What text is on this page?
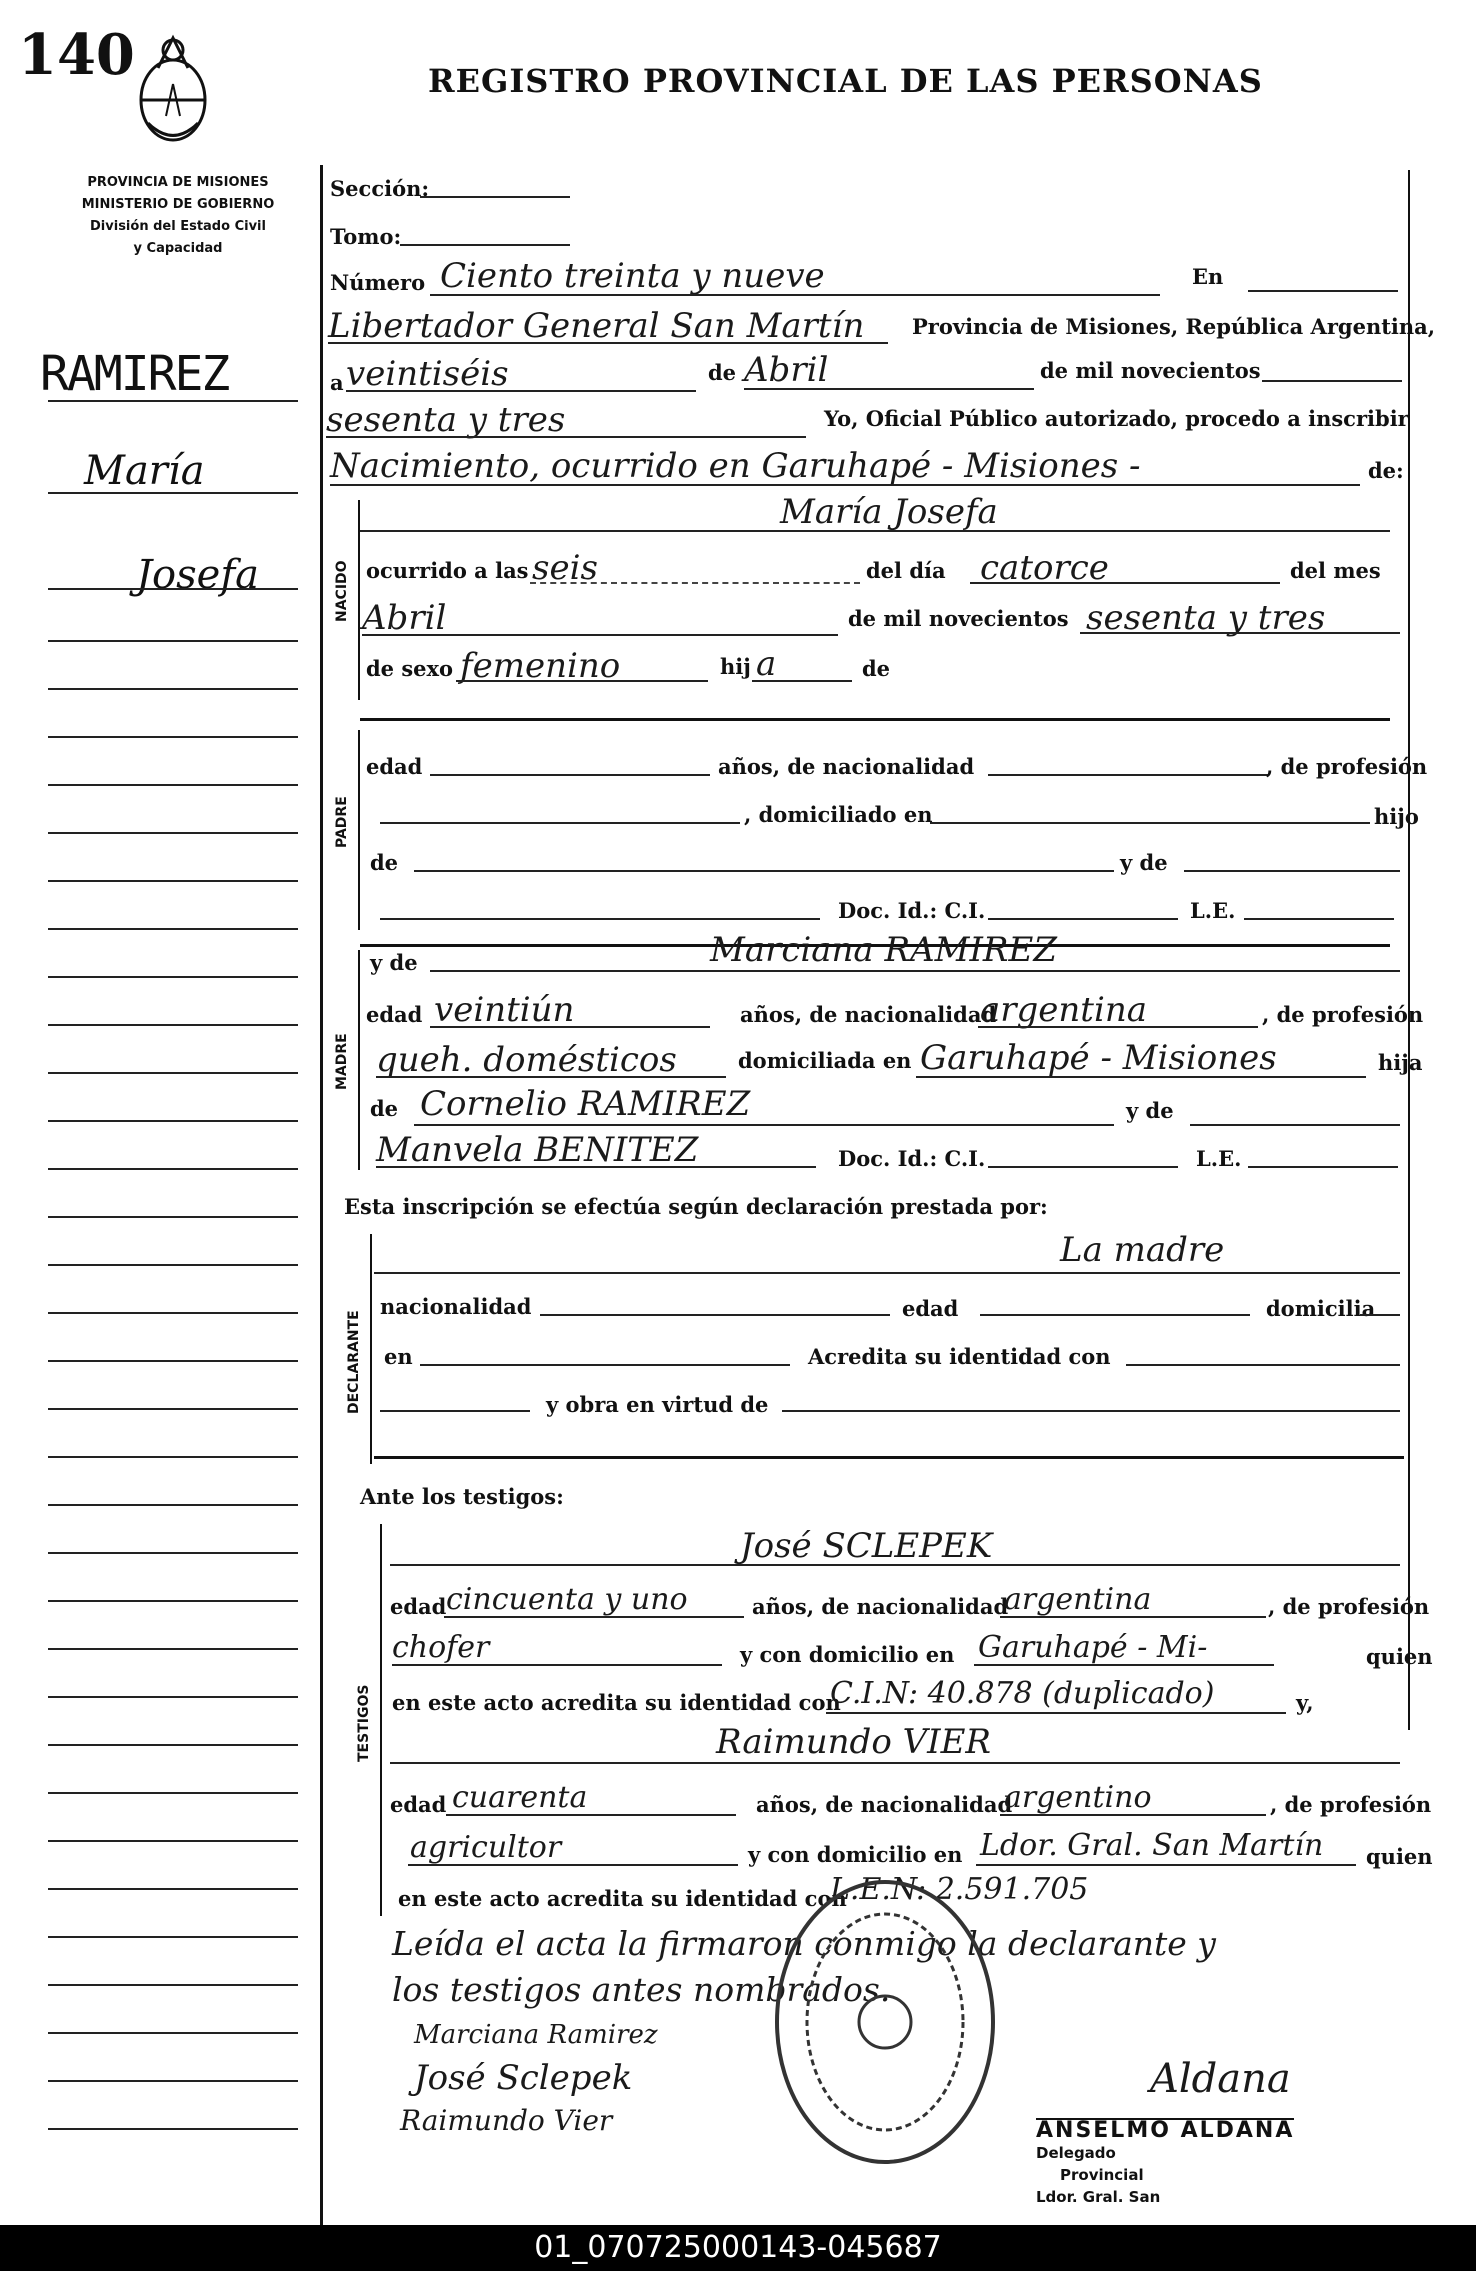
140	REGISTRO PROVINCIAL DE LAS PERSONAS
PROVINCIA DE MISIONES
MINISTERIO DE GOBIERNO
División del Estado Civil
y Capacidad
RAMIREZ
María
Josefa
Sección:
Tomo:
Número Ciento treinta y nueve	En
Libertador General San Martín Provincia de Misiones, República Argentina,
a veintiséis	de Abril	de mil novecientos
sesenta y tres	Yo, Oficial Público autorizado, procedo a inscribir
Nacimiento, ocurrido en Garuhapé - Misiones -	de:
NACIDO
María Josefa
ocurrido a las seis	del día catorce	del mes
Abril	de mil novecientos sesenta y tres
de sexo femenino	hij a	de
PADRE
edad	años, de nacionalidad	, de profesión
, domiciliado en	hijo
de	y de
Doc. Id.: C.I.	L.E.
MADRE
y de	Marciana RAMIREZ
edad veintiún	años, de nacionalidad
argentina	, de profesión
queh. domésticos	domiciliada en Garuhapé - Misiones	hija
de Cornelio RAMIREZ	y de
Manvela BENITEZ	Doc. Id.: C.I.	L.E.
Esta inscripción se efectúa según declaración prestada por:
DECLARANTE
La madre
nacionalidad	edad	domicilia
en	Acredita su identidad con
y obra en virtud de
Ante los testigos:
TESTIGOS
José SCLEPEK
edad cincuenta y uno	años, de nacionalidad
argentina	, de profesión
chofer	y con domicilio en Garuhapé - Mi-	quien
en este acto acredita su identidad con
C.I.N: 40.878 (duplicado)	y,
Raimundo VIER
edad cuarenta	años, de nacionalidad
argentino	, de profesión
agricultor	y con domicilio en Ldor. Gral. San Martín quien
en este acto acredita su identidad con
L.E.N: 2.591.705
Leída el acta la firmaron conmigo la declarante y
los testigos antes nombrados.
Marciana Ramirez
José Sclepek
Raimundo Vier
Aldana
ANSELMO ALDANA
Delegado
Provincial
Ldor. Gral. San
01_070725000143-045687
